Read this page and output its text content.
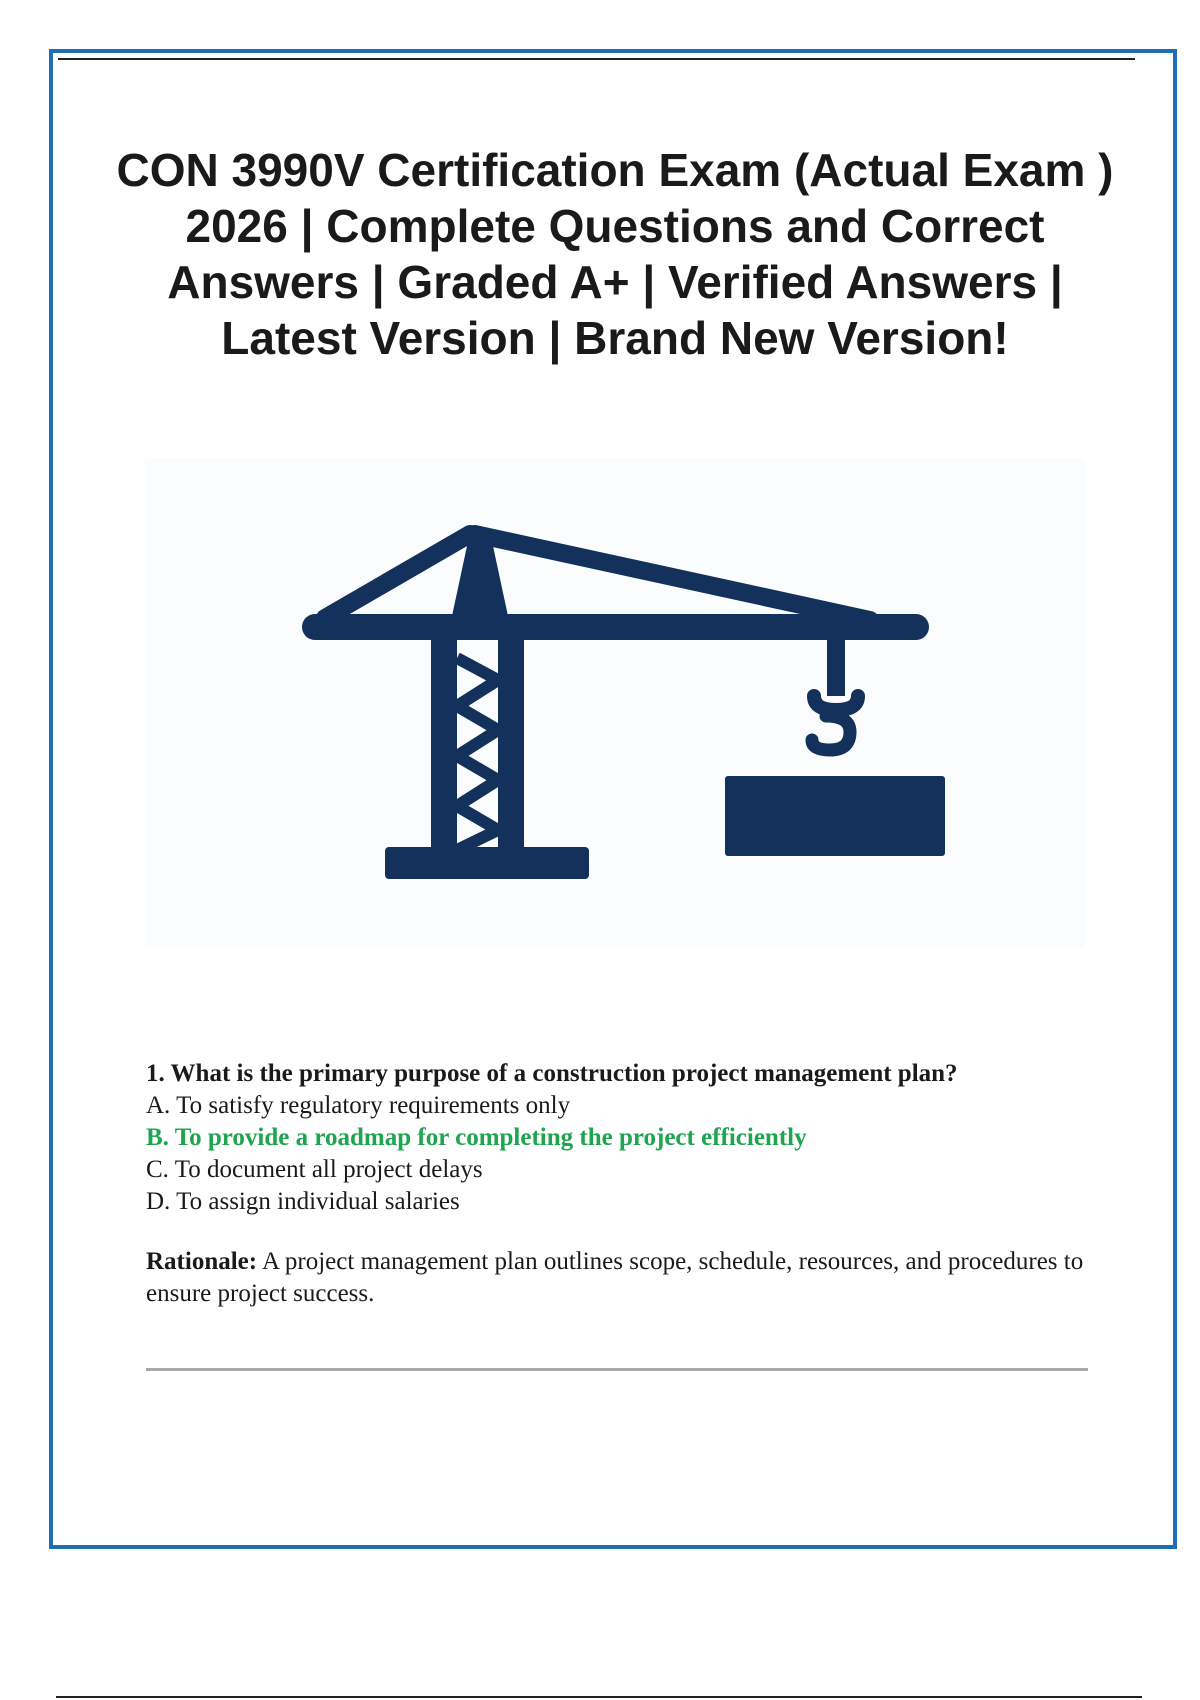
CON 3990V Certification Exam (Actual Exam ) 2026 | Complete Questions and Correct Answers | Graded A+ | Verified Answers | Latest Version | Brand New Version!

1. What is the primary purpose of a construction project management plan?

A. To satisfy regulatory requirements only

B. To provide a roadmap for completing the project efficiently

C. To document all project delays

D. To assign individual salaries

Rationale: A project management plan outlines scope, schedule, resources, and procedures to ensure project success.
